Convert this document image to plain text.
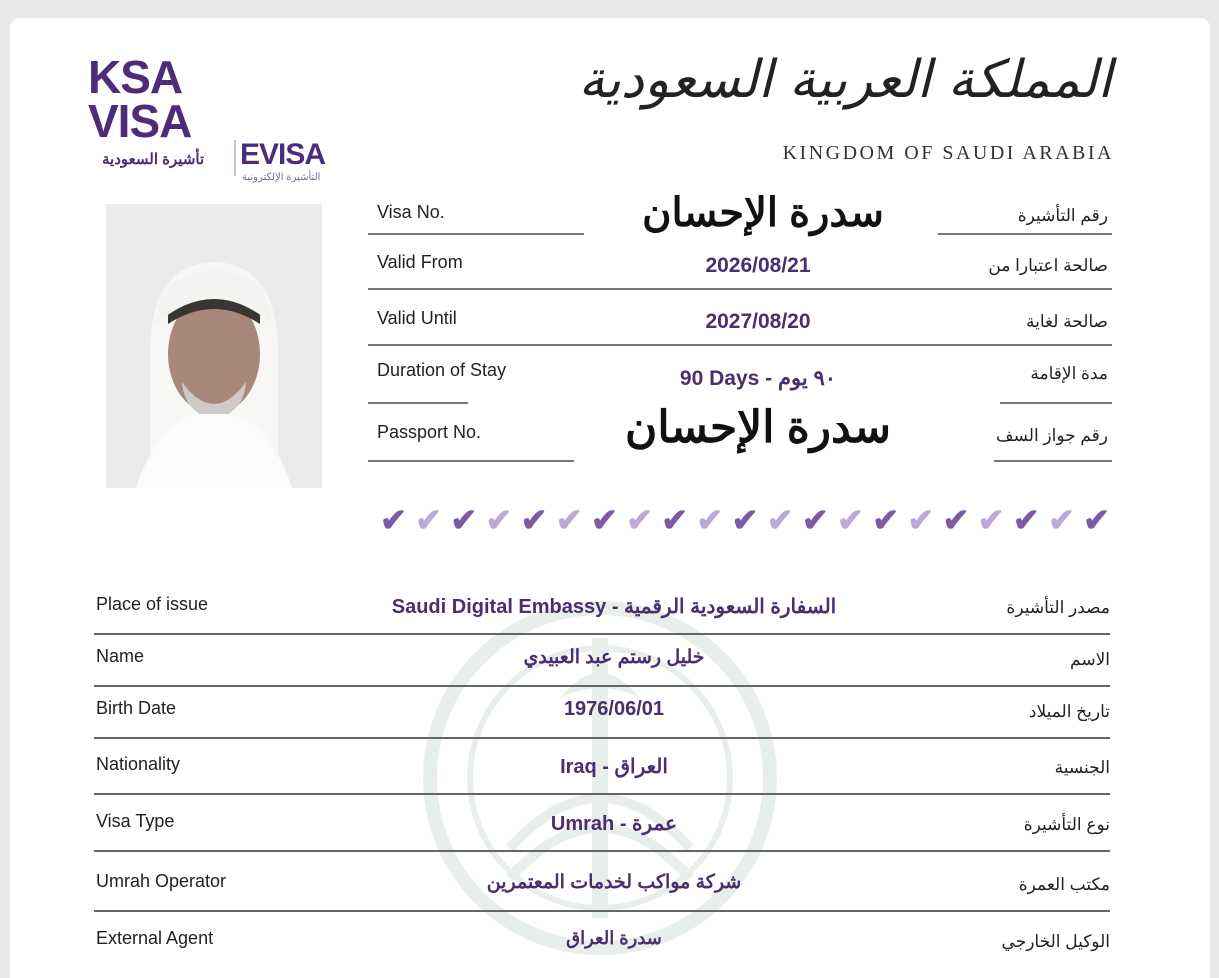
KSA
VISA
تأشيرة السعودية EVISA
التأشيرة الإلكترونية
المملكة العربية السعودية
KINGDOM OF SAUDI ARABIA
Visa No.	سدرة الإحسان	رقم التأشيرة
Valid From	2026/08/21	صالحة اعتبارا من
Valid Until	2027/08/20	صالحة لغاية
Duration of Stay	90 Days - ٩٠ يوم	مدة الإقامة
Passport No.	سدرة الإحسان	رقم جواز السف
✔ ✔ ✔ ✔ ✔ ✔ ✔ ✔ ✔ ✔ ✔ ✔ ✔ ✔ ✔ ✔ ✔ ✔ ✔ ✔ ✔
Place of issue	Saudi Digital Embassy - السفارة السعودية الرقمية	مصدر التأشيرة
Name	خليل رستم عبد العبيدي	الاسم
Birth Date	1976/06/01	تاريخ الميلاد
Nationality	Iraq - العراق	الجنسية
Visa Type	Umrah - عمرة	نوع التأشيرة
Umrah Operator	شركة مواكب لخدمات المعتمرين	مكتب العمرة
External Agent	سدرة العراق	الوكيل الخارجي
